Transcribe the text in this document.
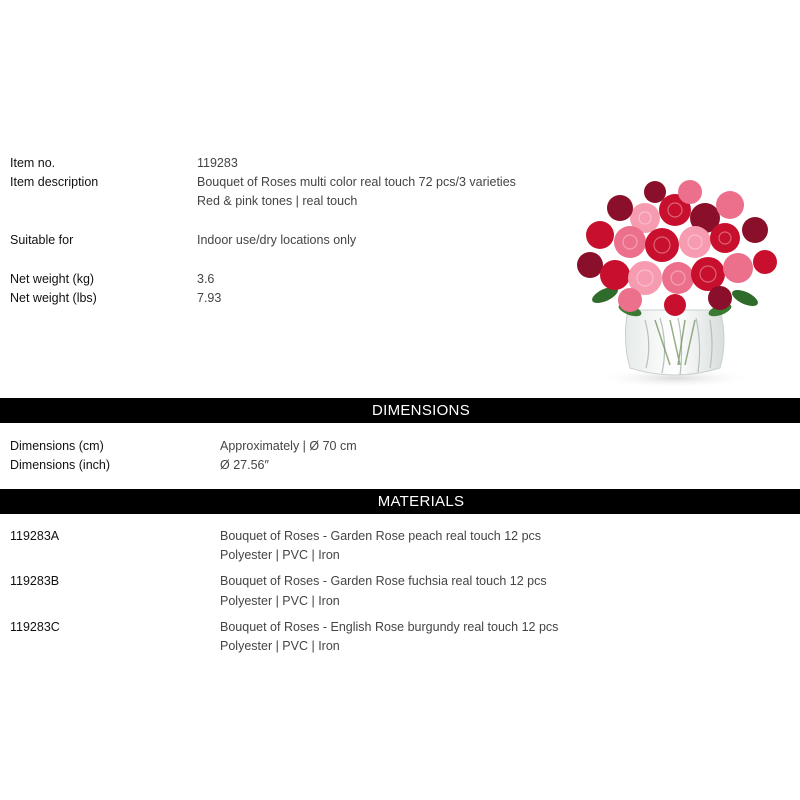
Item no.	119283
Item description	Bouquet of Roses multi color real touch 72 pcs/3 varieties
Red & pink tones | real touch
Suitable for	Indoor use/dry locations only
Net weight (kg)	3.6
Net weight (lbs)	7.93
DIMENSIONS
Dimensions (cm)	Approximately | Ø 70 cm
Dimensions (inch)	Ø 27.56″
MATERIALS
119283A	Bouquet of Roses - Garden Rose peach real touch 12 pcs
Polyester | PVC | Iron
119283B	Bouquet of Roses - Garden Rose fuchsia real touch 12 pcs
Polyester | PVC | Iron
119283C	Bouquet of Roses - English Rose burgundy real touch 12 pcs
Polyester | PVC | Iron
